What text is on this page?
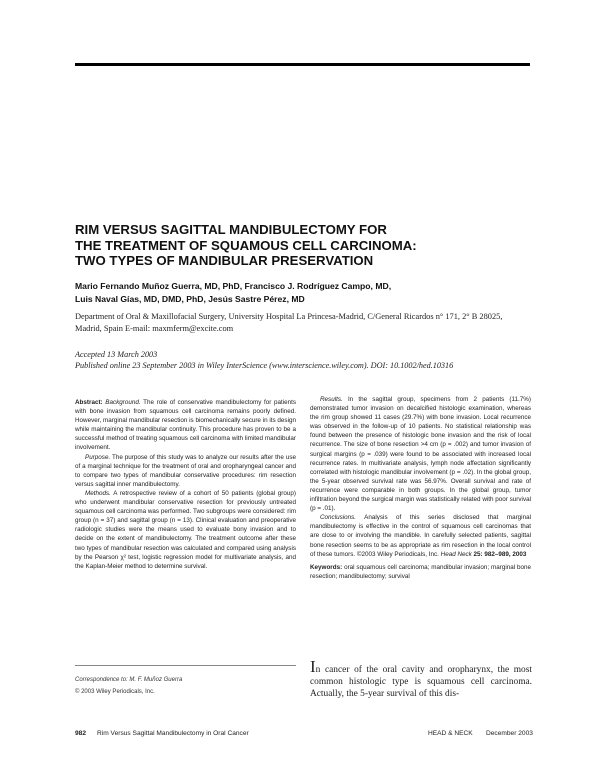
RIM VERSUS SAGITTAL MANDIBULECTOMY FOR
THE TREATMENT OF SQUAMOUS CELL CARCINOMA:
TWO TYPES OF MANDIBULAR PRESERVATION
Mario Fernando Muñoz Guerra, MD, PhD, Francisco J. Rodríguez Campo, MD,
Luis Naval Gías, MD, DMD, PhD, Jesús Sastre Pérez, MD
Department of Oral & Maxillofacial Surgery, University Hospital La Princesa-Madrid, C/General Ricardos n° 171, 2° B 28025, Madrid, Spain E-mail: maxmferm@excite.com
Accepted 13 March 2003
Published online 23 September 2003 in Wiley InterScience (www.interscience.wiley.com). DOI: 10.1002/hed.10316

Abstract: Background. The role of conservative mandibulectomy for patients with bone invasion from squamous cell carcinoma remains poorly defined. However, marginal mandibular resection is biomechanically secure in its design while maintaining the mandibular continuity. This procedure has proven to be a successful method of treating squamous cell carcinoma with limited mandibular involvement.

Purpose. The purpose of this study was to analyze our results after the use of a marginal technique for the treatment of oral and oropharyngeal cancer and to compare two types of mandibular conservative procedures: rim resection versus sagittal inner mandibulectomy.

Methods. A retrospective review of a cohort of 50 patients (global group) who underwent mandibular conservative resection for previously untreated squamous cell carcinoma was performed. Two subgroups were considered: rim group (n = 37) and sagittal group (n = 13). Clinical evaluation and preoperative radiologic studies were the means used to evaluate bony invasion and to decide on the extent of mandibulectomy. The treatment outcome after these two types of mandibular resection was calculated and compared using analysis by the Pearson χ² test, logistic regression model for multivariate analysis, and the Kaplan-Meier method to determine survival.

Results. In the sagittal group, specimens from 2 patients (11.7%) demonstrated tumor invasion on decalcified histologic examination, whereas the rim group showed 11 cases (29.7%) with bone invasion. Local recurrence was observed in the follow-up of 10 patients. No statistical relationship was found between the presence of histologic bone invasion and the risk of local recurrence. The size of bone resection >4 cm (p = .002) and tumor invasion of surgical margins (p = .039) were found to be associated with increased local recurrence rates. In multivariate analysis, lymph node affectation significantly correlated with histologic mandibular involvement (p = .02). In the global group, the 5-year observed survival rate was 56.97%. Overall survival and rate of recurrence were comparable in both groups. In the global group, tumor infiltration beyond the surgical margin was statistically related with poor survival (p = .01).

Conclusions. Analysis of this series disclosed that marginal mandibulectomy is effective in the control of squamous cell carcinomas that are close to or involving the mandible. In carefully selected patients, sagittal bone resection seems to be as appropriate as rim resection in the local control of these tumors. ©2003 Wiley Periodicals, Inc. Head Neck 25: 982–989, 2003

Keywords: oral squamous cell carcinoma; mandibular invasion; marginal bone resection; mandibulectomy; survival

Correspondence to: M. F. Muñoz Guerra
© 2003 Wiley Periodicals, Inc.
In cancer of the oral cavity and oropharynx, the most common histologic type is squamous cell carcinoma. Actually, the 5-year survival of this dis-
982 Rim Versus Sagittal Mandibulectomy in Oral Cancer	HEAD & NECK December 2003
